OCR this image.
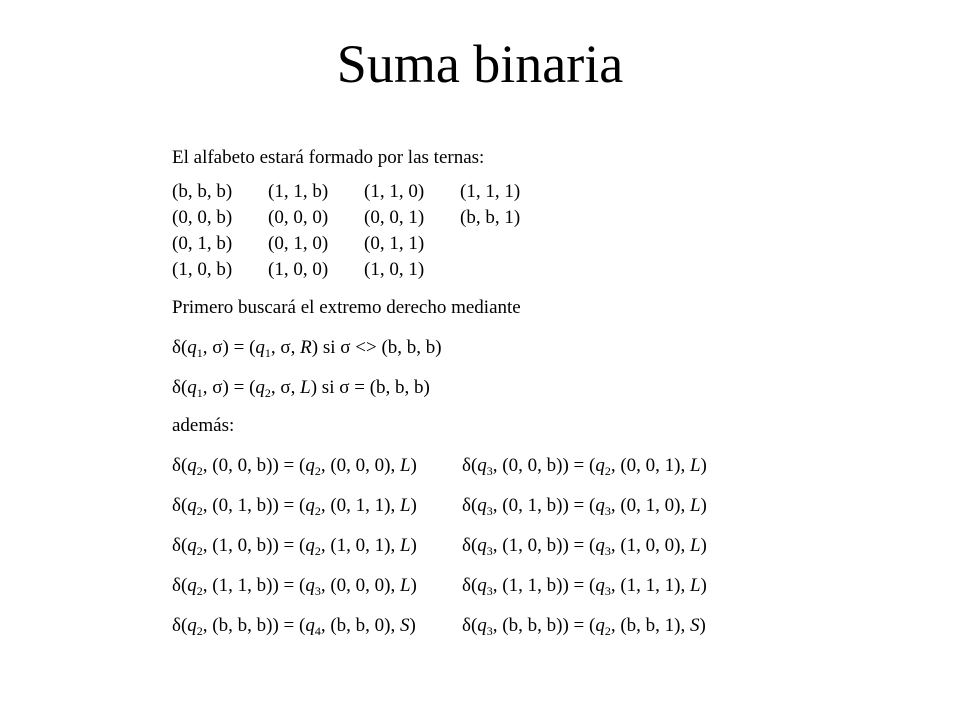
Suma binaria
El alfabeto estará formado por las ternas:
(b, b, b) (1, 1, b) (1, 1, 0) (1, 1, 1)
(0, 0, b) (0, 0, 0) (0, 0, 1) (b, b, 1)
(0, 1, b) (0, 1, 0) (0, 1, 1)
(1, 0, b) (1, 0, 0) (1, 0, 1)
Primero buscará el extremo derecho mediante
$\delta(q_1$, $\sigma) = (q_1$, σ, R) si σ <> (b, b, b)
$\delta(q_1$, $\sigma) = (q_2$, σ, L) si σ = (b, b, b)
además:
$\delta(q_2$, (0, 0, $b)) = (q_2$, (0, 0, 0), L)
$\delta(q_2$, (0, 1, $b)) = (q_2$, (0, 1, 1), L)
$\delta(q_2$, (1, 0, $b)) = (q_2$, (1, 0, 1), L)
$\delta(q_2$, (1, 1, $b)) = (q_3$, (0, 0, 0), L)
$\delta(q_2$, (b, b, $b)) = (q_4$, (b, b, 0), S)
$\delta(q_3$, (0, 0, $b)) = (q_2$, (0, 0, 1), L)
$\delta(q_3$, (0, 1, $b)) = (q_3$, (0, 1, 0), L)
$\delta(q_3$, (1, 0, $b)) = (q_3$, (1, 0, 0), L)
$\delta(q_3$, (1, 1, $b)) = (q_3$, (1, 1, 1), L)
$\delta(q_3$, (b, b, $b)) = (q_2$, (b, b, 1), S)
